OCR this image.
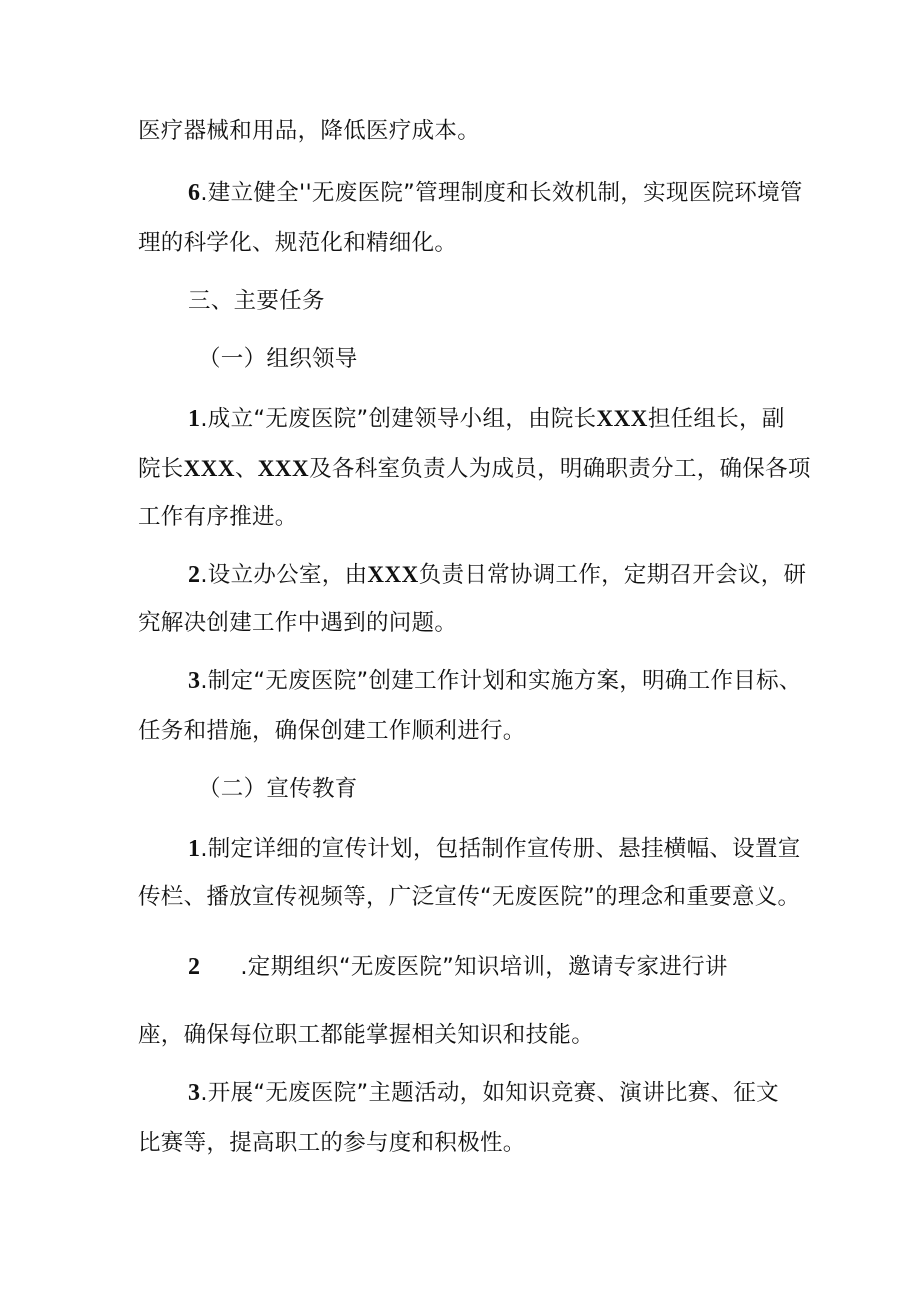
医疗器械和用品，降低医疗成本。
6.建立健全''无废医院”管理制度和长效机制，实现医院环境管
理的科学化、规范化和精细化。
三、主要任务
（一）组织领导
1.成立“无废医院”创建领导小组，由院长XXX担任组长，副
院长XXX、XXX及各科室负责人为成员，明确职责分工，确保各项
工作有序推进。
2.设立办公室，由XXX负责日常协调工作，定期召开会议，研
究解决创建工作中遇到的问题。
3.制定“无废医院”创建工作计划和实施方案，明确工作目标、
任务和措施，确保创建工作顺利进行。
（二）宣传教育
1.制定详细的宣传计划，包括制作宣传册、悬挂横幅、设置宣
传栏、播放宣传视频等，广泛宣传“无废医院”的理念和重要意义。
2 .定期组织“无废医院”知识培训，邀请专家进行讲
座，确保每位职工都能掌握相关知识和技能。
3.开展“无废医院”主题活动，如知识竞赛、演讲比赛、征文
比赛等，提高职工的参与度和积极性。
